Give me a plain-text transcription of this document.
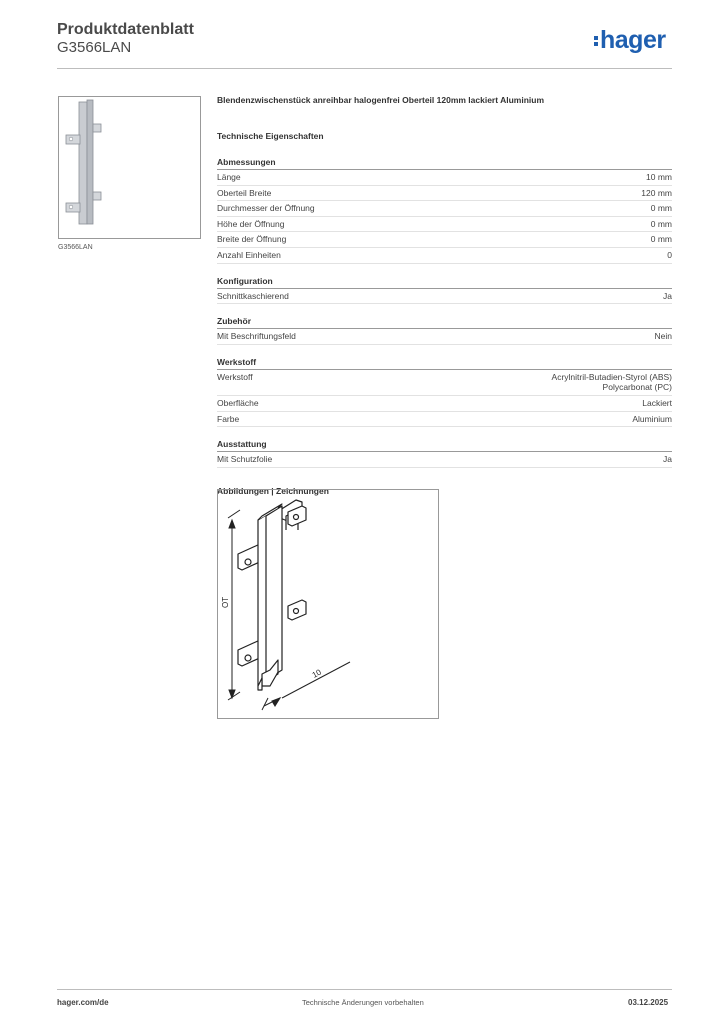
Produktdatenblatt
G3566LAN	hager
G3566LAN
Blendenzwischenstück anreihbar halogenfrei Oberteil 120mm lackiert Aluminium
Technische Eigenschaften
Abmessungen
Länge	10 mm
Oberteil Breite	120 mm
Durchmesser der Öffnung	0 mm
Höhe der Öffnung	0 mm
Breite der Öffnung	0 mm
Anzahl Einheiten	0
Konfiguration
Schnittkaschierend	Ja
Zubehör
Mit Beschriftungsfeld	Nein
Werkstoff
Werkstoff	Acrylnitril-Butadien-Styrol (ABS)
Polycarbonat (PC)
Oberfläche	Lackiert
Farbe	Aluminium
Ausstattung
Mit Schutzfolie	Ja
Abbildungen | Zeichnungen
OT
10
hager.com/de	Technische Änderungen vorbehalten	03.12.2025
